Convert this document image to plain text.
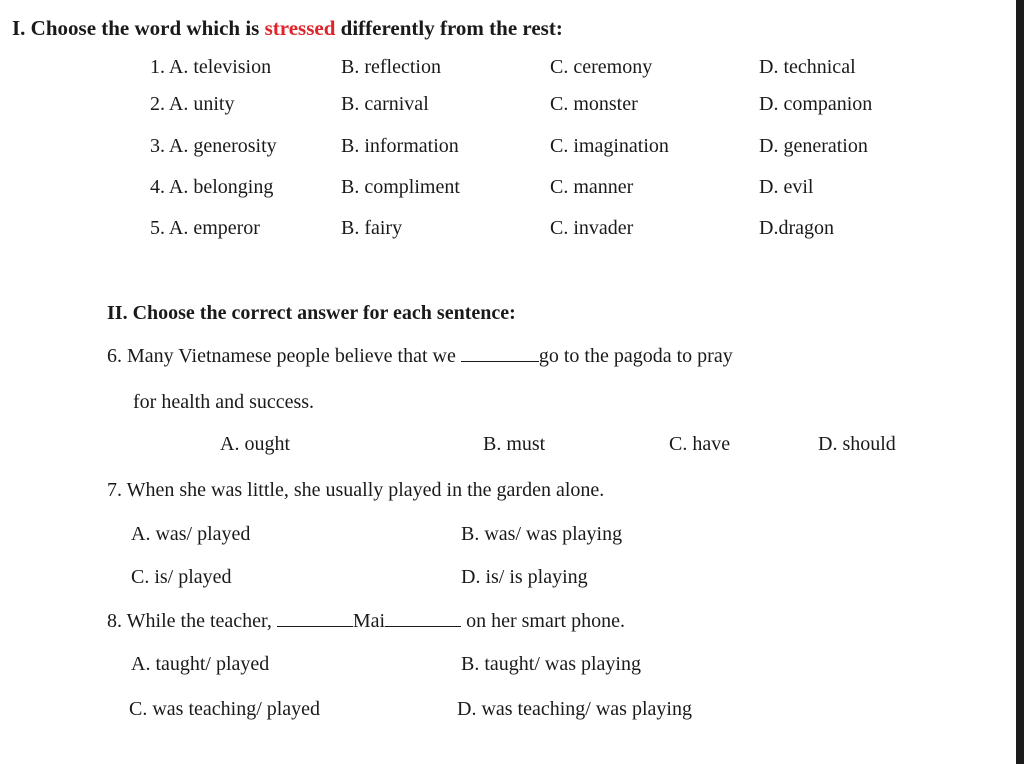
I. Choose the word which is stressed differently from the rest:
1. A. television	B. reflection	C. ceremony	D. technical
2. A. unity	B. carnival	C. monster	D. companion
3. A. generosity	B. information	C. imagination	D. generation
4. A. belonging	B. compliment	C. manner	D. evil
5. A. emperor	B. fairy	C. invader	D.dragon
II. Choose the correct answer for each sentence:
6. Many Vietnamese people believe that we	go to the pagoda to pray
for health and success.
A. ought	B. must	C. have	D. should
7. When she was little, she usually played in the garden alone.
A. was/ played	B. was/ was playing
C. is/ played	D. is/ is playing
8. While the teacher,	Mai	on her smart phone.
A. taught/ played	B. taught/ was playing
C. was teaching/ played	D. was teaching/ was playing
